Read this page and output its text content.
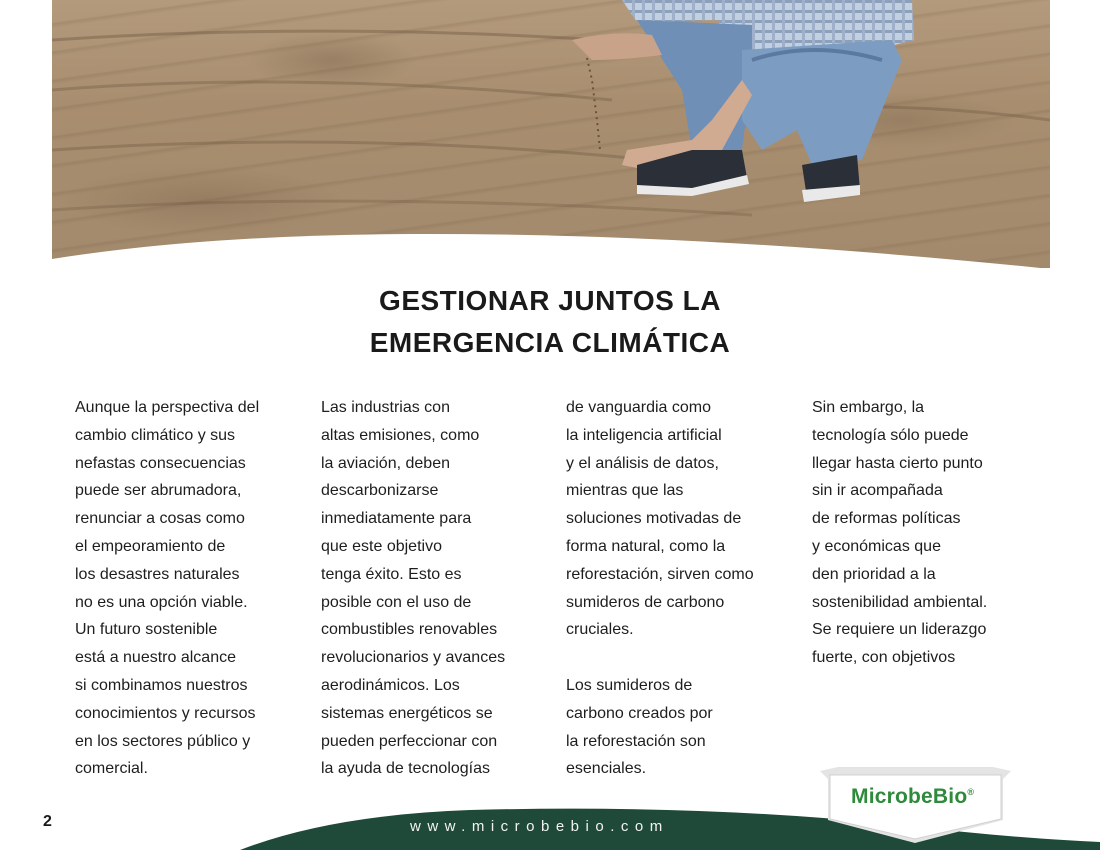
GESTIONAR JUNTOS LA
EMERGENCIA CLIMÁTICA

Aunque la perspectiva del

cambio climático y sus

nefastas consecuencias

puede ser abrumadora,

renunciar a cosas como

el empeoramiento de

los desastres naturales

no es una opción viable.

Un futuro sostenible

está a nuestro alcance

si combinamos nuestros

conocimientos y recursos

en los sectores público y

comercial.

Las industrias con

altas emisiones, como

la aviación, deben

descarbonizarse

inmediatamente para

que este objetivo

tenga éxito. Esto es

posible con el uso de

combustibles renovables

revolucionarios y avances

aerodinámicos. Los

sistemas energéticos se

pueden perfeccionar con

la ayuda de tecnologías

de vanguardia como

la inteligencia artificial

y el análisis de datos,

mientras que las

soluciones motivadas de

forma natural, como la

reforestación, sirven como

sumideros de carbono

cruciales.

Los sumideros de

carbono creados por

la reforestación son

esenciales.

Sin embargo, la

tecnología sólo puede

llegar hasta cierto punto

sin ir acompañada

de reformas políticas

y económicas que

den prioridad a la

sostenibilidad ambiental.

Se requiere un liderazgo

fuerte, con objetivos

www.microbebio.com
MicrobeBio®
2
